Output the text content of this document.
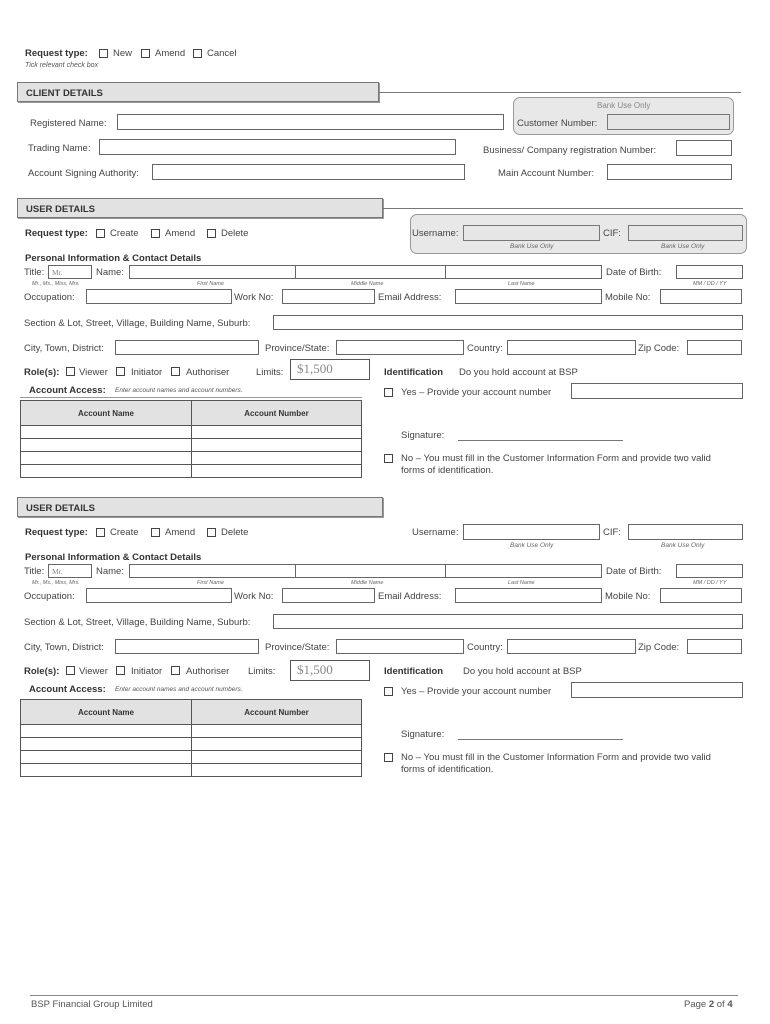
Request type:	New Amend Cancel
Tick relevant check box
CLIENT DETAILS
Registered Name:
Bank Use Only
Customer Number:
Trading Name:	Business/ Company registration Number:
Account Signing Authority:	Main Account Number:
USER DETAILS
Request type: Create	Amend	Delete	Username:	CIF:
Bank Use Only	Bank Use Only
Personal Information & Contact Details
Title:	Mr.	Name:	Date of Birth:
Mr., Ms., Miss, Mrs.	First Name	Middle Name	Last Name	MM / DD / YY
Occupation:	Work No:	Email Address:	Mobile No:
Section & Lot, Street, Village, Building Name, Suburb:
City, Town, District:	Province/State:	Country:	Zip Code:
Role(s): Viewer Initiator	Authoriser	Limits:	$1,500	Identification Do you hold account at BSP
Account Access: Enter account names and account numbers.	Yes – Provide your account number
Account Name	Account Number

Signature:
No – You must fill in the Customer Information Form and provide two valid
forms of identification.
USER DETAILS
Request type: Create	Amend	Delete	Username:	CIF:
Bank Use Only	Bank Use Only
Personal Information & Contact Details
Title:	Mr.	Name:	Date of Birth:
Mr., Ms., Miss, Mrs.	First Name	Middle Name	Last Name	MM / DD / YY
Occupation:	Work No:	Email Address:	Mobile No:
Section & Lot, Street, Village, Building Name, Suburb:
City, Town, District:	Province/State:	Country:	Zip Code:
Role(s): Viewer Initiator	Authoriser Limits:	$1,500	Identification Do you hold account at BSP
Account Access: Enter account names and account numbers.	Yes – Provide your account number
Account Name	Account Number

Signature:
No – You must fill in the Customer Information Form and provide two valid
forms of identification.
BSP Financial Group Limited	Page 2 of 4
